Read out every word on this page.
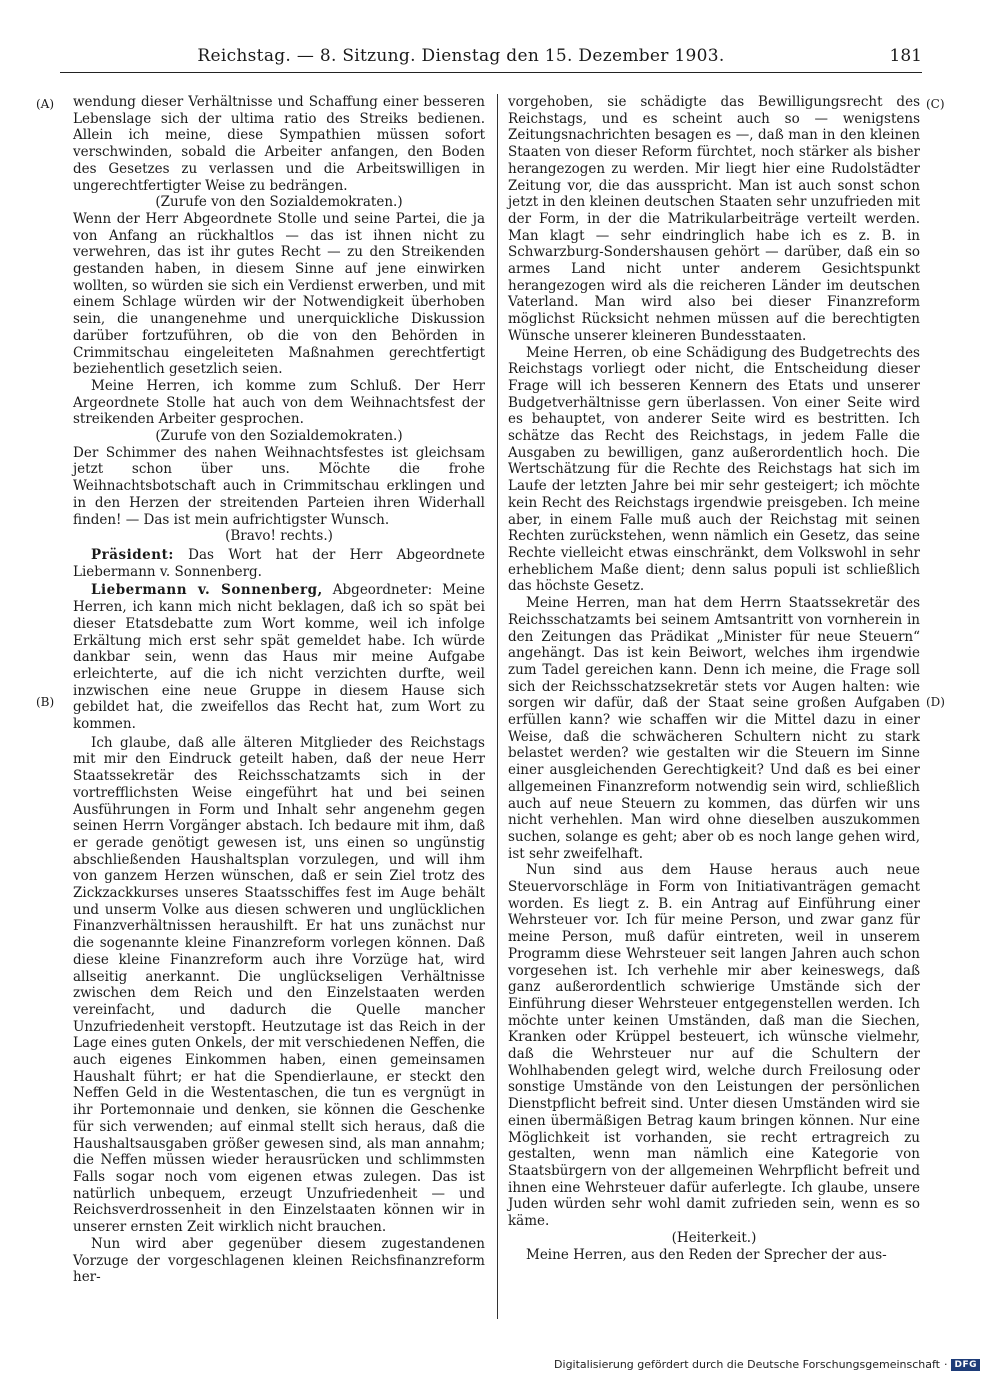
Reichstag. — 8. Sitzung. Dienstag den 15. Dezember 1903.	181
(A)
(B)
(C)
(D)

wendung dieser Verhältnisse und Schaffung einer besseren Lebenslage sich der ultima ratio des Streiks bedienen. Allein ich meine, diese Sympathien müssen sofort verschwinden, sobald die Arbeiter anfangen, den Boden des Gesetzes zu verlassen und die Arbeitswilligen in ungerechtfertigter Weise zu bedrängen.

(Zurufe von den Sozialdemokraten.)

Wenn der Herr Abgeordnete Stolle und seine Partei, die ja von Anfang an rückhaltlos — das ist ihnen nicht zu verwehren, das ist ihr gutes Recht — zu den Streikenden gestanden haben, in diesem Sinne auf jene einwirken wollten, so würden sie sich ein Verdienst erwerben, und mit einem Schlage würden wir der Notwendigkeit überhoben sein, die unangenehme und unerquickliche Diskussion darüber fortzuführen, ob die von den Behörden in Crimmitschau eingeleiteten Maßnahmen gerechtfertigt beziehentlich gesetzlich seien.

Meine Herren, ich komme zum Schluß. Der Herr Argeordnete Stolle hat auch von dem Weihnachtsfest der streikenden Arbeiter gesprochen.

(Zurufe von den Sozialdemokraten.)

Der Schimmer des nahen Weihnachtsfestes ist gleichsam jetzt schon über uns. Möchte die frohe Weihnachtsbotschaft auch in Crimmitschau erklingen und in den Herzen der streitenden Parteien ihren Widerhall finden! — Das ist mein aufrichtigster Wunsch.

(Bravo! rechts.)

Präsident: Das Wort hat der Herr Abgeordnete Liebermann v. Sonnenberg.

Liebermann v. Sonnenberg, Abgeordneter: Meine Herren, ich kann mich nicht beklagen, daß ich so spät bei dieser Etatsdebatte zum Wort komme, weil ich infolge Erkältung mich erst sehr spät gemeldet habe. Ich würde dankbar sein, wenn das Haus mir meine Aufgabe erleichterte, auf die ich nicht verzichten durfte, weil inzwischen eine neue Gruppe in diesem Hause sich gebildet hat, die zweifellos das Recht hat, zum Wort zu kommen.

Ich glaube, daß alle älteren Mitglieder des Reichstags mit mir den Eindruck geteilt haben, daß der neue Herr Staatssekretär des Reichsschatzamts sich in der vortrefflichsten Weise eingeführt hat und bei seinen Ausführungen in Form und Inhalt sehr angenehm gegen seinen Herrn Vorgänger abstach. Ich bedaure mit ihm, daß er gerade genötigt gewesen ist, uns einen so ungünstig abschließenden Haushaltsplan vorzulegen, und will ihm von ganzem Herzen wünschen, daß er sein Ziel trotz des Zickzackkurses unseres Staatsschiffes fest im Auge behält und unserm Volke aus diesen schweren und unglücklichen Finanzverhältnissen heraushilft. Er hat uns zunächst nur die sogenannte kleine Finanzreform vorlegen können. Daß diese kleine Finanzreform auch ihre Vorzüge hat, wird allseitig anerkannt. Die unglückseligen Verhältnisse zwischen dem Reich und den Einzelstaaten werden vereinfacht, und dadurch die Quelle mancher Unzufriedenheit verstopft. Heutzutage ist das Reich in der Lage eines guten Onkels, der mit verschiedenen Neffen, die auch eigenes Einkommen haben, einen gemeinsamen Haushalt führt; er hat die Spendierlaune, er steckt den Neffen Geld in die Westentaschen, die tun es vergnügt in ihr Portemonnaie und denken, sie können die Geschenke für sich verwenden; auf einmal stellt sich heraus, daß die Haushaltsausgaben größer gewesen sind, als man annahm; die Neffen müssen wieder herausrücken und schlimmsten Falls sogar noch vom eigenen etwas zulegen. Das ist natürlich unbequem, erzeugt Unzufriedenheit — und Reichsverdrossenheit in den Einzelstaaten können wir in unserer ernsten Zeit wirklich nicht brauchen.

Nun wird aber gegenüber diesem zugestandenen Vorzuge der vorgeschlagenen kleinen Reichsfinanzreform her-

vorgehoben, sie schädigte das Bewilligungsrecht des Reichstags, und es scheint auch so — wenigstens Zeitungsnachrichten besagen es —, daß man in den kleinen Staaten von dieser Reform fürchtet, noch stärker als bisher herangezogen zu werden. Mir liegt hier eine Rudolstädter Zeitung vor, die das ausspricht. Man ist auch sonst schon jetzt in den kleinen deutschen Staaten sehr unzufrieden mit der Form, in der die Matrikularbeiträge verteilt werden. Man klagt — sehr eindringlich habe ich es z. B. in Schwarzburg-Sondershausen gehört — darüber, daß ein so armes Land nicht unter anderem Gesichtspunkt herangezogen wird als die reicheren Länder im deutschen Vaterland. Man wird also bei dieser Finanzreform möglichst Rücksicht nehmen müssen auf die berechtigten Wünsche unserer kleineren Bundesstaaten.

Meine Herren, ob eine Schädigung des Budgetrechts des Reichstags vorliegt oder nicht, die Entscheidung dieser Frage will ich besseren Kennern des Etats und unserer Budgetverhältnisse gern überlassen. Von einer Seite wird es behauptet, von anderer Seite wird es bestritten. Ich schätze das Recht des Reichstags, in jedem Falle die Ausgaben zu bewilligen, ganz außerordentlich hoch. Die Wertschätzung für die Rechte des Reichstags hat sich im Laufe der letzten Jahre bei mir sehr gesteigert; ich möchte kein Recht des Reichstags irgendwie preisgeben. Ich meine aber, in einem Falle muß auch der Reichstag mit seinen Rechten zurückstehen, wenn nämlich ein Gesetz, das seine Rechte vielleicht etwas einschränkt, dem Volkswohl in sehr erheblichem Maße dient; denn salus populi ist schließlich das höchste Gesetz.

Meine Herren, man hat dem Herrn Staatssekretär des Reichsschatzamts bei seinem Amtsantritt von vornherein in den Zeitungen das Prädikat „Minister für neue Steuern“ angehängt. Das ist kein Beiwort, welches ihm irgendwie zum Tadel gereichen kann. Denn ich meine, die Frage soll sich der Reichsschatzsekretär stets vor Augen halten: wie sorgen wir dafür, daß der Staat seine großen Aufgaben erfüllen kann? wie schaffen wir die Mittel dazu in einer Weise, daß die schwächeren Schultern nicht zu stark belastet werden? wie gestalten wir die Steuern im Sinne einer ausgleichenden Gerechtigkeit? Und daß es bei einer allgemeinen Finanzreform notwendig sein wird, schließlich auch auf neue Steuern zu kommen, das dürfen wir uns nicht verhehlen. Man wird ohne dieselben auszukommen suchen, solange es geht; aber ob es noch lange gehen wird, ist sehr zweifelhaft.

Nun sind aus dem Hause heraus auch neue Steuervorschläge in Form von Initiativanträgen gemacht worden. Es liegt z. B. ein Antrag auf Einführung einer Wehrsteuer vor. Ich für meine Person, und zwar ganz für meine Person, muß dafür eintreten, weil in unserem Programm diese Wehrsteuer seit langen Jahren auch schon vorgesehen ist. Ich verhehle mir aber keineswegs, daß ganz außerordentlich schwierige Umstände sich der Einführung dieser Wehrsteuer entgegenstellen werden. Ich möchte unter keinen Umständen, daß man die Siechen, Kranken oder Krüppel besteuert, ich wünsche vielmehr, daß die Wehrsteuer nur auf die Schultern der Wohlhabenden gelegt wird, welche durch Freilosung oder sonstige Umstände von den Leistungen der persönlichen Dienstpflicht befreit sind. Unter diesen Umständen wird sie einen übermäßigen Betrag kaum bringen können. Nur eine Möglichkeit ist vorhanden, sie recht ertragreich zu gestalten, wenn man nämlich eine Kategorie von Staatsbürgern von der allgemeinen Wehrpflicht befreit und ihnen eine Wehrsteuer dafür auferlegte. Ich glaube, unsere Juden würden sehr wohl damit zufrieden sein, wenn es so käme.

(Heiterkeit.)

Meine Herren, aus den Reden der Sprecher der aus-

Digitalisierung gefördert durch die Deutsche Forschungsgemeinschaft · DFG
